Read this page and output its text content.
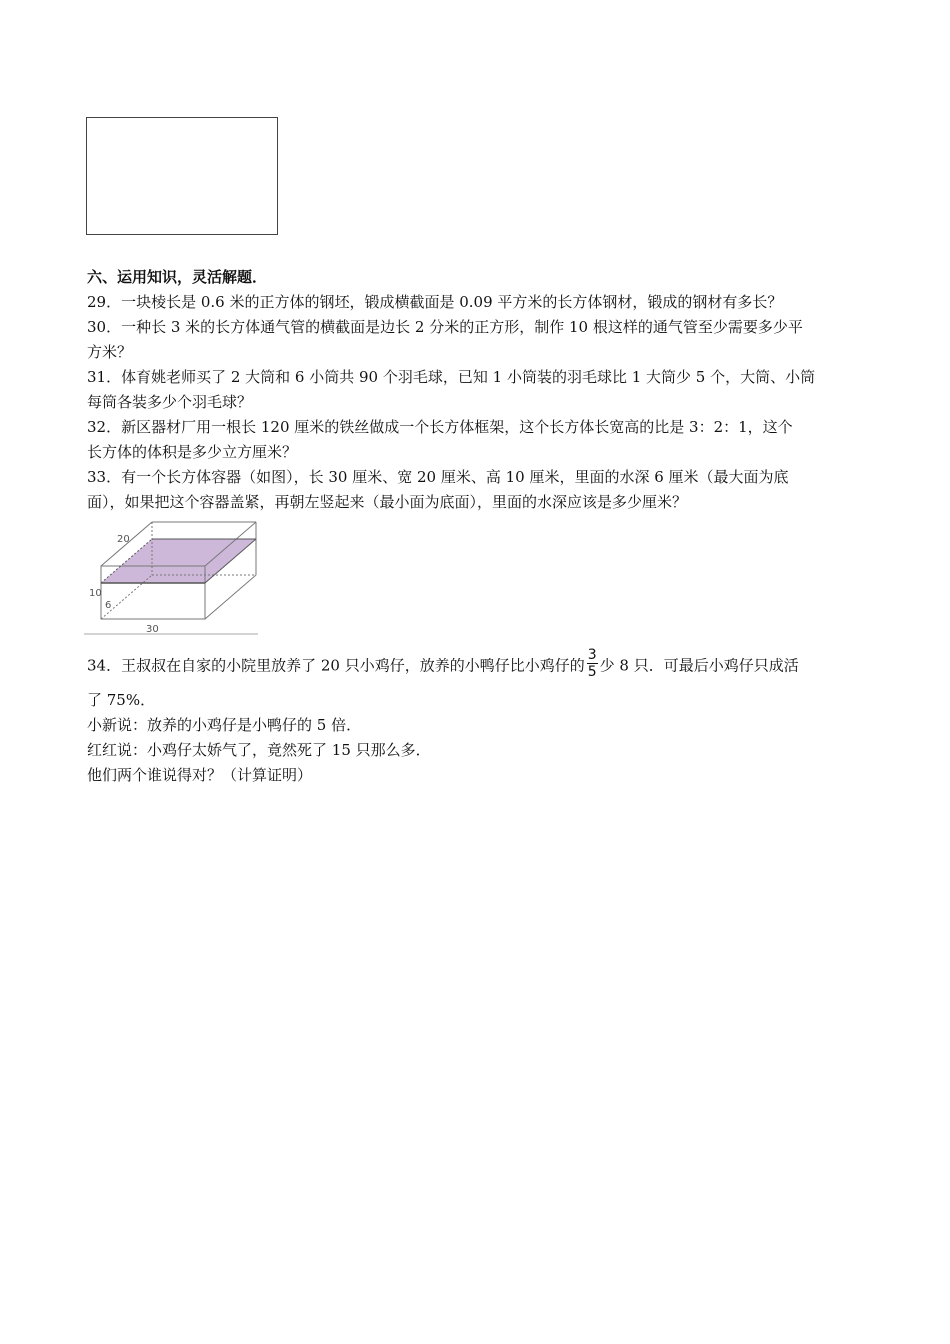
六、运用知识，灵活解题．
29．一块棱长是 0.6 米的正方体的钢坯，锻成横截面是 0.09 平方米的长方体钢材，锻成的钢材有多长？
30．一种长 3 米的长方体通气管的横截面是边长 2 分米的正方形，制作 10 根这样的通气管至少需要多少平
方米？
31．体育姚老师买了 2 大筒和 6 小筒共 90 个羽毛球，已知 1 小筒装的羽毛球比 1 大筒少 5 个，大筒、小筒
每筒各装多少个羽毛球？
32．新区器材厂用一根长 120 厘米的铁丝做成一个长方体框架，这个长方体长宽高的比是 3：2：1，这个
长方体的体积是多少立方厘米？
33．有一个长方体容器（如图），长 30 厘米、宽 20 厘米、高 10 厘米，里面的水深 6 厘米（最大面为底
面），如果把这个容器盖紧，再朝左竖起来（最小面为底面），里面的水深应该是多少厘米？
20
10
6
30
34．王叔叔在自家的小院里放养了 20 只小鸡仔，放养的小鸭仔比小鸡仔的 $\frac{3}{5}$ 少 8 只．可最后小鸡仔只成活
了 75%．
小新说：放养的小鸡仔是小鸭仔的 5 倍．
红红说：小鸡仔太娇气了，竟然死了 15 只那么多．
他们两个谁说得对？（计算证明）
